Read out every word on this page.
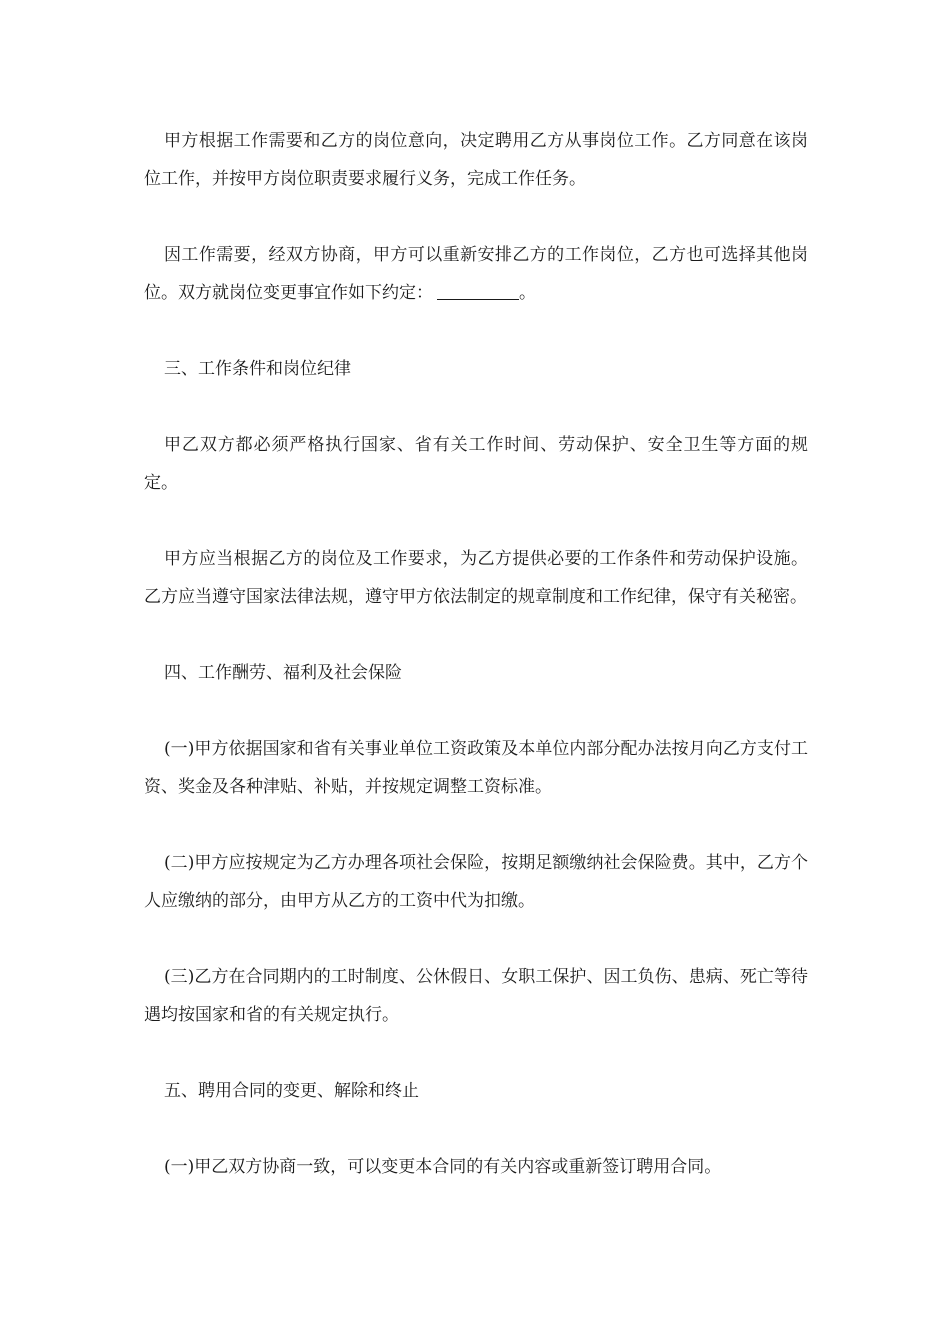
甲方根据工作需要和乙方的岗位意向，决定聘用乙方从事岗位工作。乙方同意在该岗位工作，并按甲方岗位职责要求履行义务，完成工作任务。

因工作需要，经双方协商，甲方可以重新安排乙方的工作岗位，乙方也可选择其他岗位。双方就岗位变更事宜作如下约定：	。

三、工作条件和岗位纪律

甲乙双方都必须严格执行国家、省有关工作时间、劳动保护、安全卫生等方面的规定。

甲方应当根据乙方的岗位及工作要求，为乙方提供必要的工作条件和劳动保护设施。乙方应当遵守国家法律法规，遵守甲方依法制定的规章制度和工作纪律，保守有关秘密。

四、工作酬劳、福利及社会保险

(一)甲方依据国家和省有关事业单位工资政策及本单位内部分配办法按月向乙方支付工资、奖金及各种津贴、补贴，并按规定调整工资标准。

(二)甲方应按规定为乙方办理各项社会保险，按期足额缴纳社会保险费。其中，乙方个人应缴纳的部分，由甲方从乙方的工资中代为扣缴。

(三)乙方在合同期内的工时制度、公休假日、女职工保护、因工负伤、患病、死亡等待遇均按国家和省的有关规定执行。

五、聘用合同的变更、解除和终止

(一)甲乙双方协商一致，可以变更本合同的有关内容或重新签订聘用合同。
